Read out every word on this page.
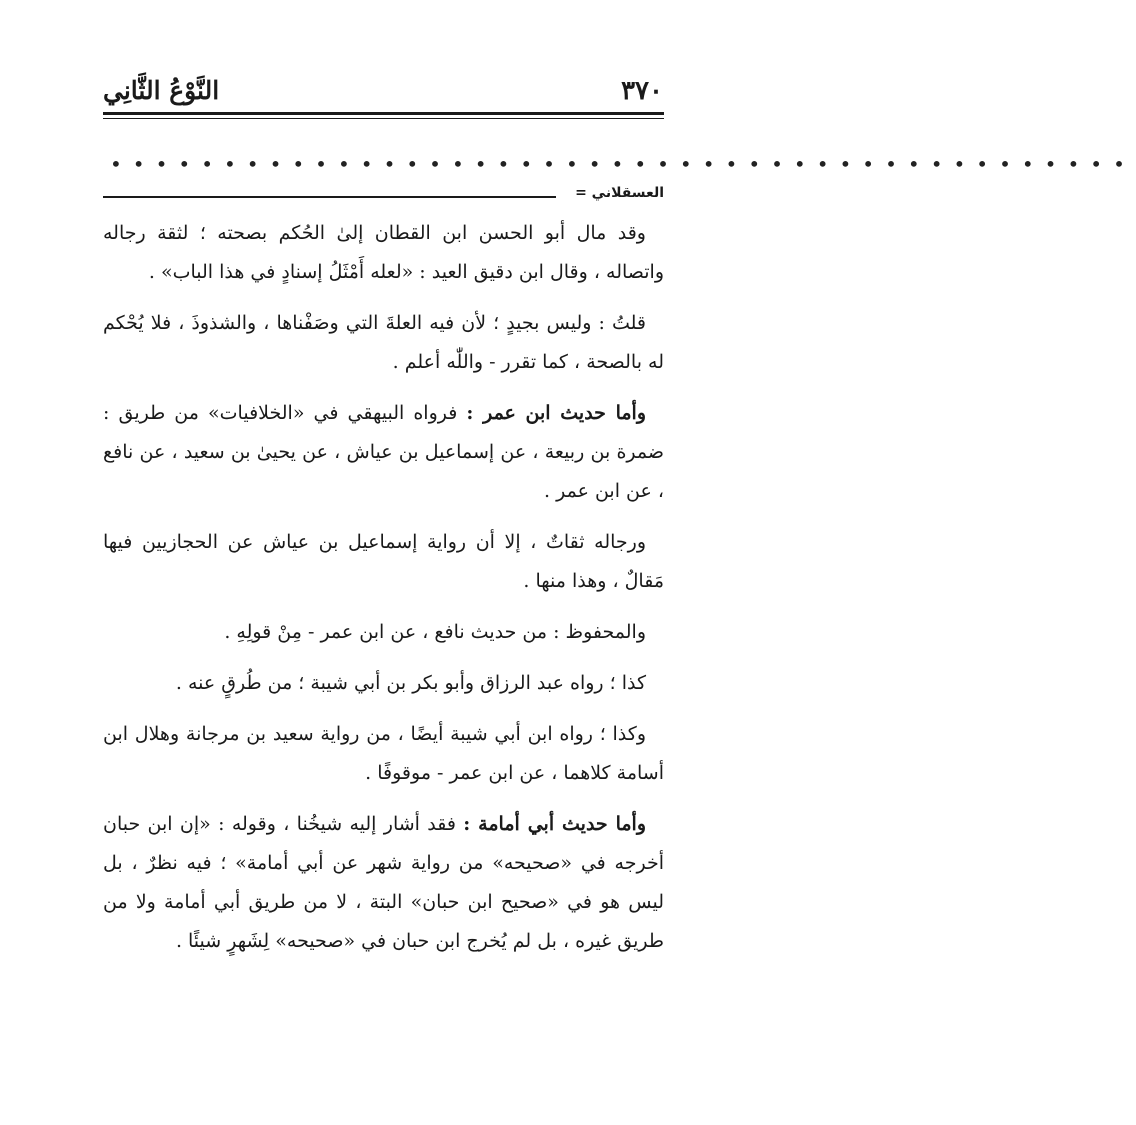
٣٧٠
النَّوْعُ الثَّانِي
•••••••••••••••••••••••••••••••••••••••••••••
العسقلاني =

وقد مال أبو الحسن ابن القطان إلىٰ الحُكم بصحته ؛ لثقة رجاله واتصاله ، وقال ابن دقيق العيد : «لعله أَمْثَلُ إسنادٍ في هذا الباب» .

قلتُ : وليس بجيدٍ ؛ لأن فيه العلةَ التي وصَفْناها ، والشذوذَ ، فلا يُحْكم له بالصحة ، كما تقرر - واللّٰه أعلم .

وأما حديث ابن عمر : فرواه البيهقي في «الخلافيات» من طريق : ضمرة بن ربيعة ، عن إسماعيل بن عياش ، عن يحيىٰ بن سعيد ، عن نافع ، عن ابن عمر .

ورجاله ثقاتٌ ، إلا أن رواية إسماعيل بن عياش عن الحجازيين فيها مَقالٌ ، وهذا منها .

والمحفوظ : من حديث نافع ، عن ابن عمر - مِنْ قولِهِ .

كذا ؛ رواه عبد الرزاق وأبو بكر بن أبي شيبة ؛ من طُرقٍ عنه .

وكذا ؛ رواه ابن أبي شيبة أيضًا ، من رواية سعيد بن مرجانة وهلال ابن أسامة كلاهما ، عن ابن عمر - موقوفًا .

وأما حديث أبي أمامة : فقد أشار إليه شيخُنا ، وقوله : «إن ابن حبان أخرجه في «صحيحه» من رواية شهر عن أبي أمامة» ؛ فيه نظرٌ ، بل ليس هو في «صحيح ابن حبان» البتة ، لا من طريق أبي أمامة ولا من طريق غيره ، بل لم يُخرج ابن حبان في «صحيحه» لِشَهرٍ شيئًا .
